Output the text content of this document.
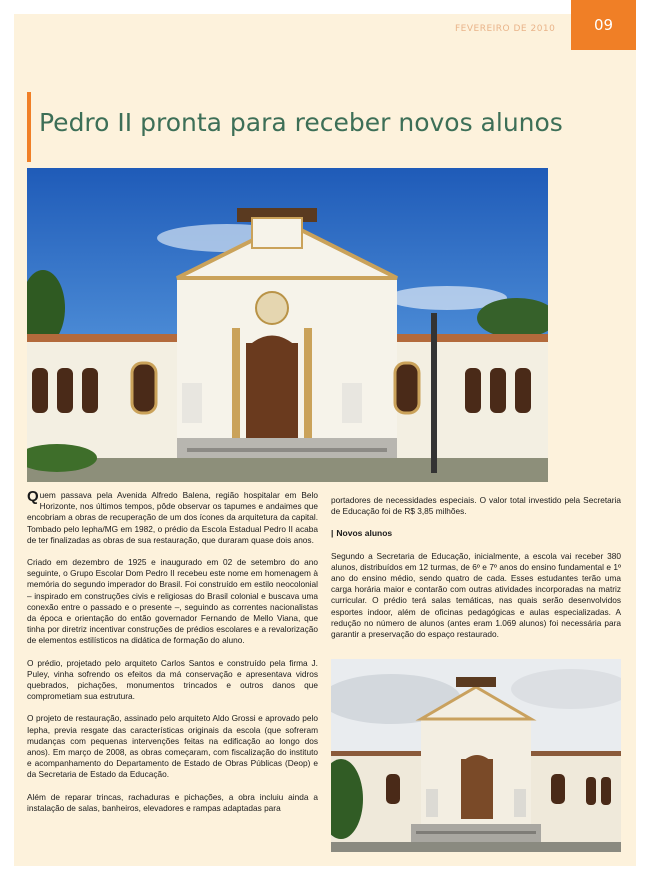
FEVEREIRO DE 2010	09
Pedro II pronta para receber novos alunos

Quem passava pela Avenida Alfredo Balena, região hospitalar em Belo Horizonte, nos últimos tempos, pôde observar os tapumes e andaimes que encobriam a obras de recuperação de um dos ícones da arquitetura da capital. Tombado pelo Iepha/MG em 1982, o prédio da Escola Estadual Pedro II acaba de ter finalizadas as obras de sua restauração, que duraram quase dois anos.

Criado em dezembro de 1925 e inaugurado em 02 de setembro do ano seguinte, o Grupo Escolar Dom Pedro II recebeu este nome em homenagem à memória do segundo imperador do Brasil. Foi construído em estilo neocolonial – inspirado em construções civis e religiosas do Brasil colonial e buscava uma conexão entre o passado e o presente –, seguindo as correntes nacionalistas da época e orientação do então governador Fernando de Mello Viana, que tinha por diretriz incentivar construções de prédios escolares e a revalorização de elementos estilísticos na didática de formação do aluno.

O prédio, projetado pelo arquiteto Carlos Santos e construído pela firma J. Puley, vinha sofrendo os efeitos da má conservação e apresentava vidros quebrados, pichações, monumentos trincados e outros danos que comprometiam sua estrutura.

O projeto de restauração, assinado pelo arquiteto Aldo Grossi e aprovado pelo Iepha, previa resgate das características originais da escola (que sofreram mudanças com pequenas intervenções feitas na edificação ao longo dos anos). Em março de 2008, as obras começaram, com fiscalização do instituto e acompanhamento do Departamento de Estado de Obras Públicas (Deop) e da Secretaria de Estado da Educação.

Além de reparar trincas, rachaduras e pichações, a obra incluiu ainda a instalação de salas, banheiros, elevadores e rampas adaptadas para

portadores de necessidades especiais. O valor total investido pela Secretaria de Educação foi de R$ 3,85 milhões.

| Novos alunos

Segundo a Secretaria de Educação, inicialmente, a escola vai receber 380 alunos, distribuídos em 12 turmas, de 6º e 7º anos do ensino fundamental e 1º ano do ensino médio, sendo quatro de cada. Esses estudantes terão uma carga horária maior e contarão com outras atividades incorporadas na matriz curricular. O prédio terá salas temáticas, nas quais serão desenvolvidos esportes indoor, além de oficinas pedagógicas e aulas especializadas. A redução no número de alunos (antes eram 1.069 alunos) foi necessária para garantir a preservação do espaço restaurado.
